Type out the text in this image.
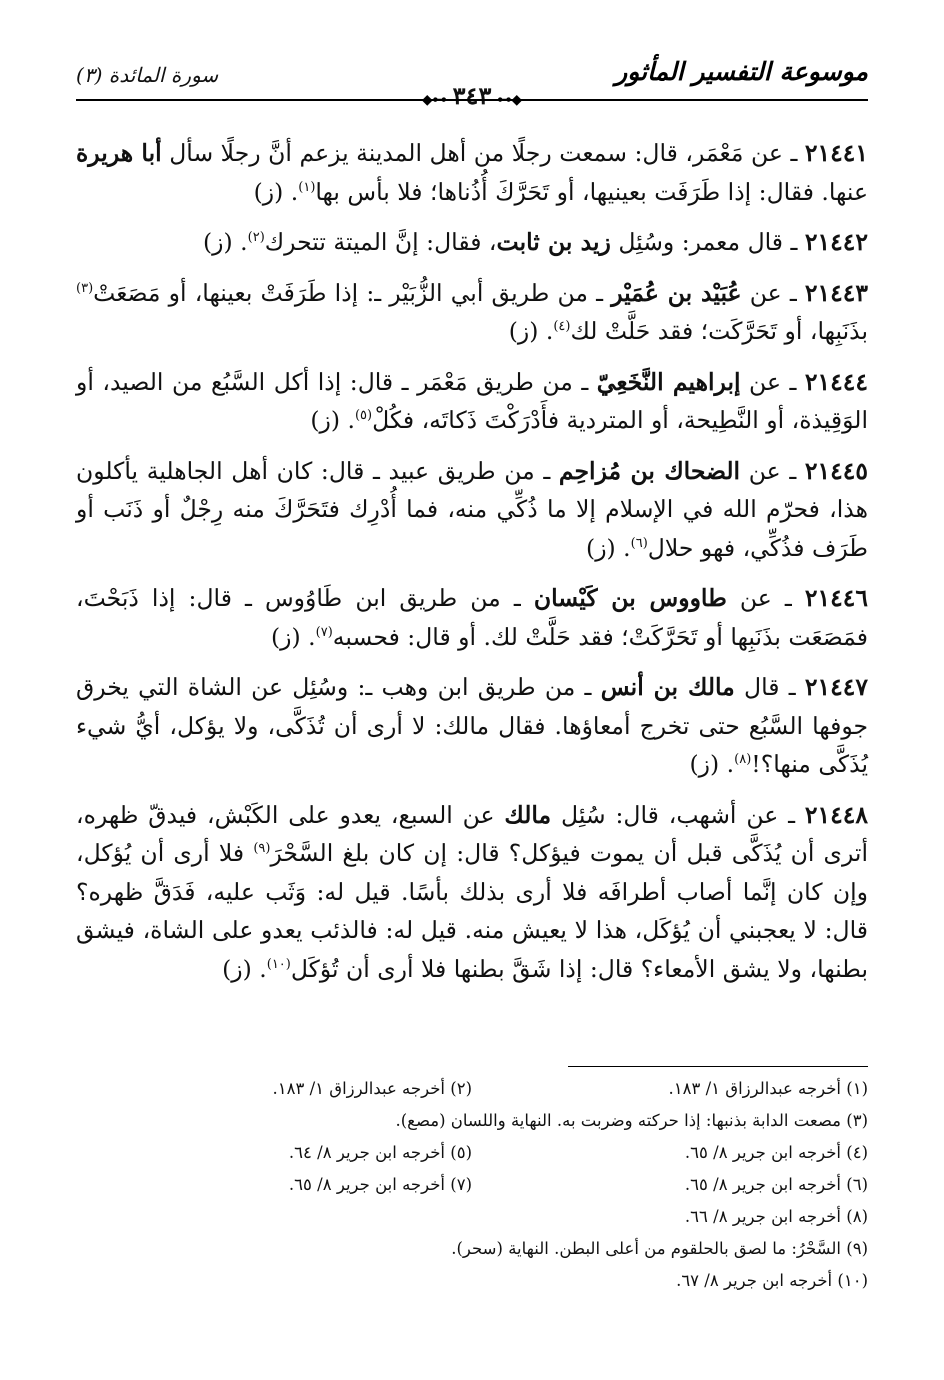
موسوعة التفسير المأثور
◆⊶٣٤٣⊷◆
سورة المائدة (٣)

٢١٤٤١ ـ عن مَعْمَر، قال: سمعت رجلًا من أهل المدينة يزعم أنَّ رجلًا سأل أبا هريرة عنها. فقال: إذا طَرَفَت بعينيها، أو تَحَرَّكَ أُذُناها؛ فلا بأس بها$^{(١)}$. (ز)

٢١٤٤٢ ـ قال معمر: وسُئِل زيد بن ثابت، فقال: إنَّ الميتة تتحرك$^{(٢)}$. (ز)

٢١٤٤٣ ـ عن عُبَيْد بن عُمَيْر ـ من طريق أبي الزُّبَيْر ـ: إذا طَرَفَتْ بعينها، أو مَصَعَتْ$^{(٣)}$ بذَنَبِها، أو تَحَرَّكَت؛ فقد حَلَّتْ لك$^{(٤)}$. (ز)

٢١٤٤٤ ـ عن إبراهيم النَّخَعِيّ ـ من طريق مَعْمَر ـ قال: إذا أكل السَّبُع من الصيد، أو الوَقِيذة، أو النَّطِيحة، أو المتردية فأَدْرَكْتَ ذَكاتَه، فكُلْ$^{(٥)}$. (ز)

٢١٤٤٥ ـ عن الضحاك بن مُزاحِم ـ من طريق عبيد ـ قال: كان أهل الجاهلية يأكلون هذا، فحرّم الله في الإسلام إلا ما ذُكِّي منه، فما أُدْرِك فتَحَرَّكَ منه رِجْلٌ أو ذَنَب أو طَرَف فذُكِّي، فهو حلال$^{(٦)}$. (ز)

٢١٤٤٦ ـ عن طاووس بن كَيْسان ـ من طريق ابن طَاوُوس ـ قال: إذا ذَبَحْتَ، فمَصَعَت بذَنَبِها أو تَحَرَّكَتْ؛ فقد حَلَّتْ لك. أو قال: فحسبه$^{(٧)}$. (ز)

٢١٤٤٧ ـ قال مالك بن أنس ـ من طريق ابن وهب ـ: وسُئِل عن الشاة التي يخرق جوفها السَّبُع حتى تخرج أمعاؤها. فقال مالك: لا أرى أن تُذَكَّى، ولا يؤكل، أيُّ شيء يُذَكَّى منها؟!$^{(٨)}$. (ز)

٢١٤٤٨ ـ عن أشهب، قال: سُئِل مالك عن السبع، يعدو على الكَبْش، فيدقّ ظهره، أترى أن يُذَكَّى قبل أن يموت فيؤكل؟ قال: إن كان بلغ السَّحْرَ$^{(٩)}$ فلا أرى أن يُؤكل، وإن كان إنَّما أصاب أطرافَه فلا أرى بذلك بأسًا. قيل له: وَثَب عليه، فَدَقَّ ظهره؟ قال: لا يعجبني أن يُؤكَل، هذا لا يعيش منه. قيل له: فالذئب يعدو على الشاة، فيشق بطنها، ولا يشق الأمعاء؟ قال: إذا شَقَّ بطنها فلا أرى أن تُؤكَل$^{(١٠)}$. (ز)

(١) أخرجه عبدالرزاق ١/ ١٨٣.
(٢) أخرجه عبدالرزاق ١/ ١٨٣.
(٣) مصعت الدابة بذنبها: إذا حركته وضربت به. النهاية واللسان (مصع).
(٤) أخرجه ابن جرير ٨/ ٦٥.
(٥) أخرجه ابن جرير ٨/ ٦٤.
(٦) أخرجه ابن جرير ٨/ ٦٥.
(٧) أخرجه ابن جرير ٨/ ٦٥.
(٨) أخرجه ابن جرير ٨/ ٦٦.
(٩) السَّحْرُ: ما لصق بالحلقوم من أعلى البطن. النهاية (سحر).
(١٠) أخرجه ابن جرير ٨/ ٦٧.
